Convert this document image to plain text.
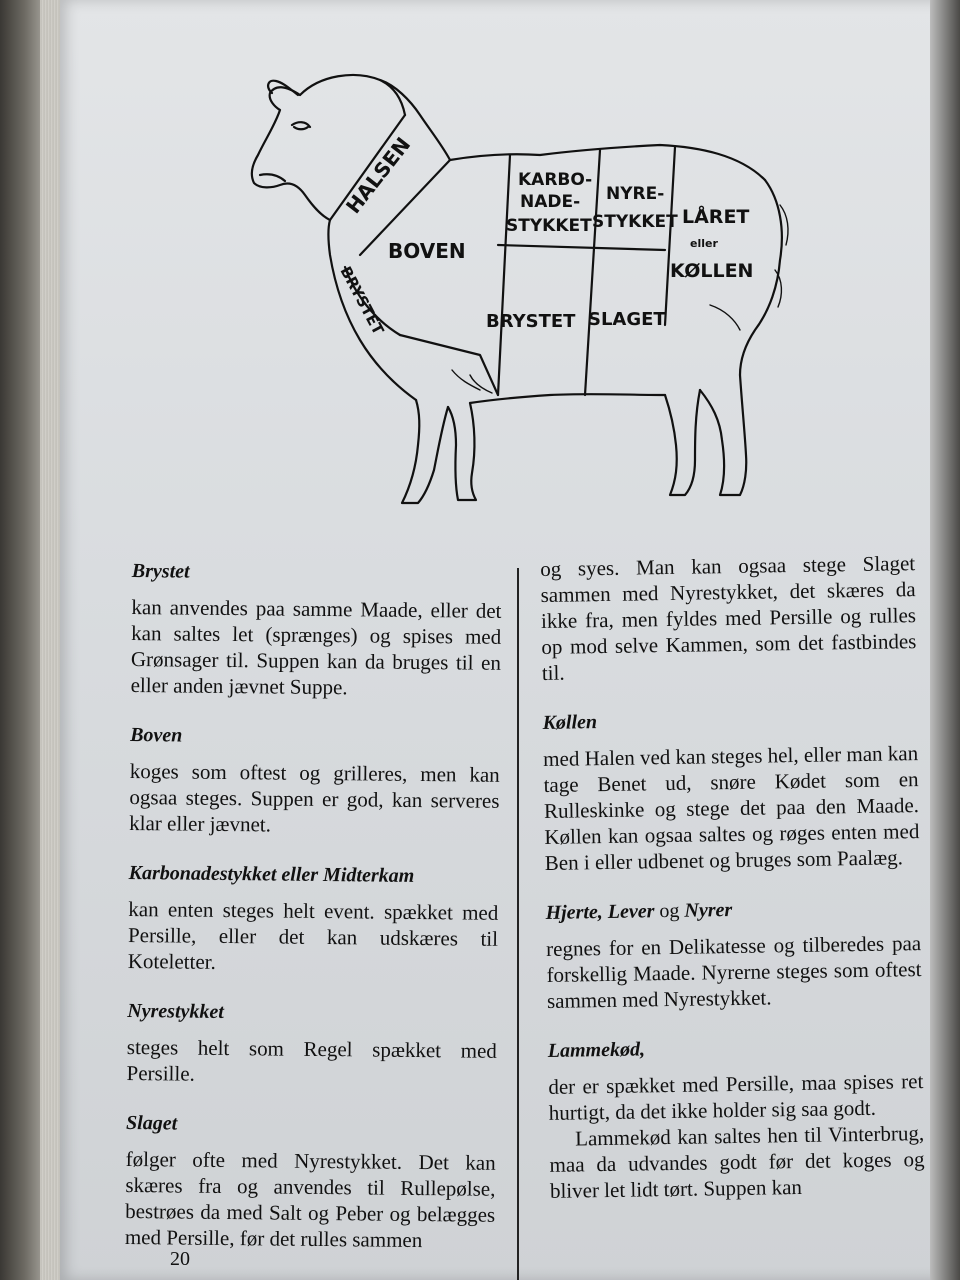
HALSEN
BOVEN
BRYSTET
KARBO-
NADE-
STYKKET
NYRE-
STYKKET LÅRET
eller
KØLLEN
BRYSTET SLAGET

Brystet

kan anvendes paa samme Maade, eller det kan saltes let (sprænges) og spises med Grønsager til. Suppen kan da bruges til en eller anden jævnet Suppe.

Boven

koges som oftest og grilleres, men kan ogsaa steges. Suppen er god, kan serveres klar eller jævnet.

Karbonadestykket eller Midterkam

kan enten steges helt event. spækket med Persille, eller det kan udskæres til Koteletter.

Nyrestykket

steges helt som Regel spækket med Persille.

Slaget

følger ofte med Nyrestykket. Det kan skæres fra og anvendes til Rullepølse, bestrøes da med Salt og Peber og belægges med Persille, før det rulles sammen

og syes. Man kan ogsaa stege Slaget sammen med Nyrestykket, det skæres da ikke fra, men fyldes med Persille og rulles op mod selve Kammen, som det fastbindes til.

Køllen

med Halen ved kan steges hel, eller man kan tage Benet ud, snøre Kødet som en Rulleskinke og stege det paa den Maade. Køllen kan ogsaa saltes og røges enten med Ben i eller udbenet og bruges som Paalæg.

Hjerte, Lever og Nyrer

regnes for en Delikatesse og tilberedes paa forskellig Maade. Nyrerne steges som oftest sammen med Nyrestykket.

Lammekød,

der er spækket med Persille, maa spises ret hurtigt, da det ikke holder sig saa godt.

Lammekød kan saltes hen til Vinterbrug, maa da udvandes godt før det koges og bliver let lidt tørt. Suppen kan

20
